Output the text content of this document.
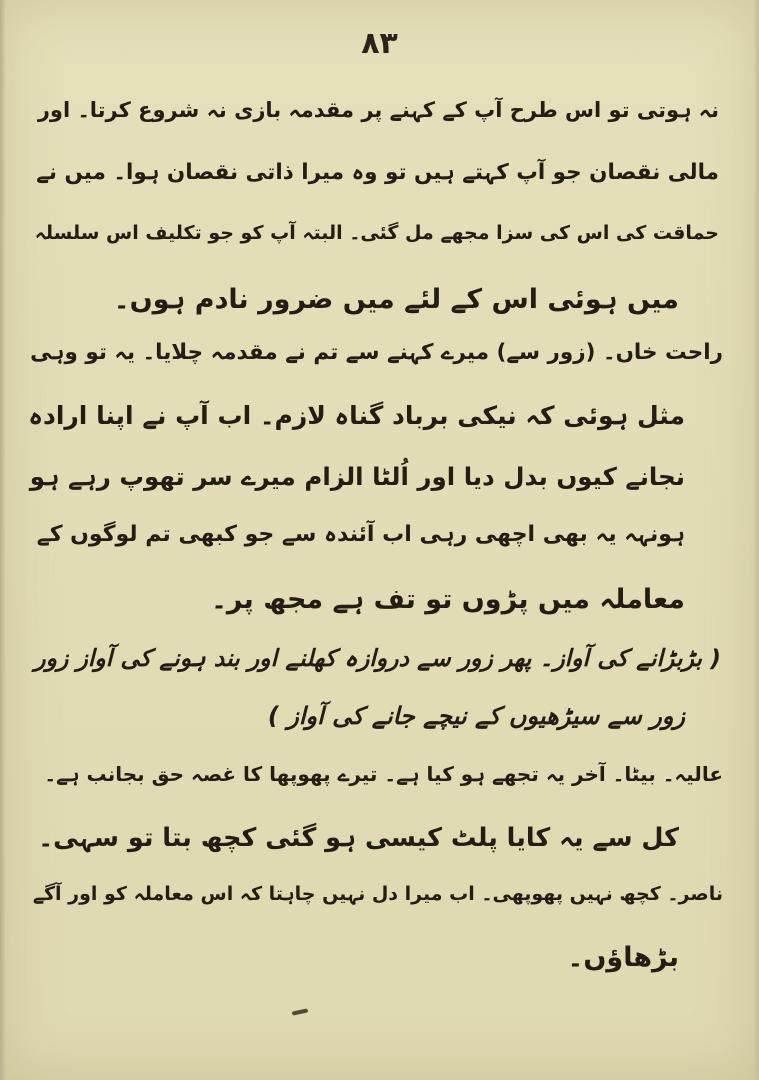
۸۳
نہ ہوتی تو اس طرح آپ کے کہنے پر مقدمہ بازی نہ شروع کرتا۔ اور
مالی نقصان جو آپ کہتے ہیں تو وہ میرا ذاتی نقصان ہوا۔ میں نے
حماقت کی اس کی سزا مجھے مل گئی۔ البتہ آپ کو جو تکلیف اس سلسلہ
میں ہوئی اس کے لئے میں ضرور نادم ہوں۔
راحت خاں۔ (زور سے) میرے کہنے سے تم نے مقدمہ چلایا۔ یہ تو وہی
مثل ہوئی کہ نیکی برباد گناہ لازم۔ اب آپ نے اپنا ارادہ
نجانے کیوں بدل دیا اور اُلٹا الزام میرے سر تھوپ رہے ہو
ہونہہ یہ بھی اچھی رہی اب آئندہ سے جو کبھی تم لوگوں کے
معاملہ میں پڑوں تو تف ہے مجھ پر۔
( بڑبڑانے کی آواز۔ پھر زور سے دروازہ کھلنے اور بند ہونے کی آواز زور
زور سے سیڑھیوں کے نیچے جانے کی آواز )
عالیہ۔ بیٹا۔ آخر یہ تجھے ہو کیا ہے۔ تیرے پھوپھا کا غصہ حق بجانب ہے۔
کل سے یہ کایا پلٹ کیسی ہو گئی کچھ بتا تو سہی۔
ناصر۔ کچھ نہیں پھوپھی۔ اب میرا دل نہیں چاہتا کہ اس معاملہ کو اور آگے
بڑھاؤں۔
